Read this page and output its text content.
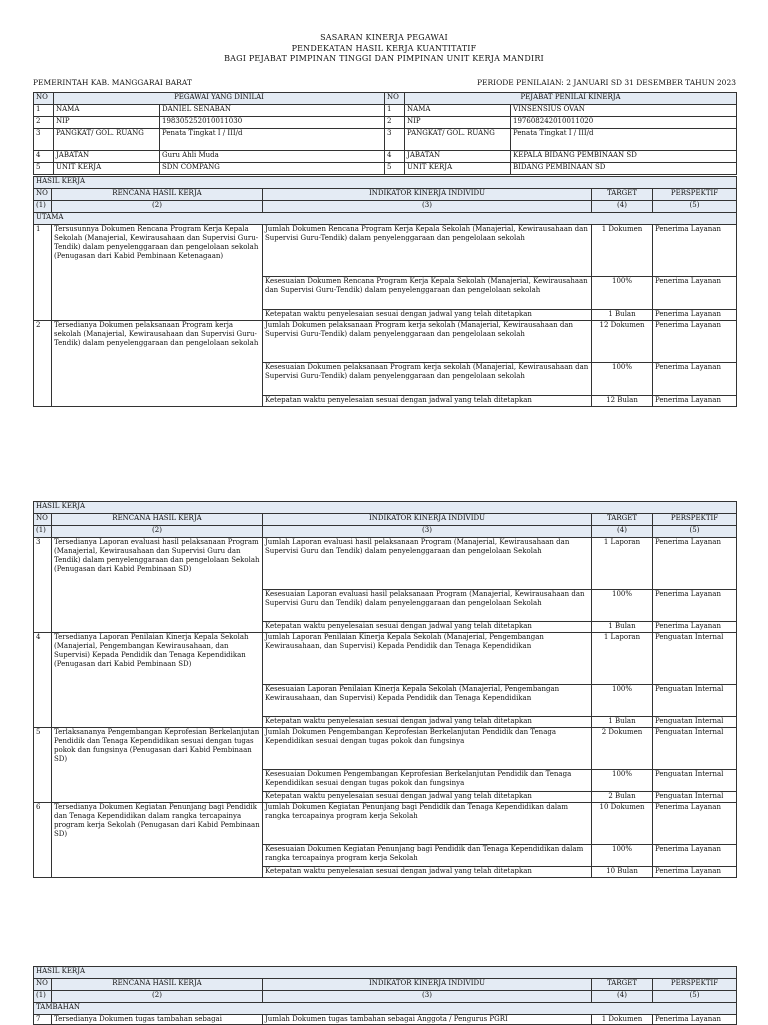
SASARAN KINERJA PEGAWAI
PENDEKATAN HASIL KERJA KUANTITATIF
BAGI PEJABAT PIMPINAN TINGGI DAN PIMPINAN UNIT KERJA MANDIRI
PEMERINTAH KAB. MANGGARAI BARAT	PERIODE PENILAIAN: 2 JANUARI SD 31 DESEMBER TAHUN 2023
NO	PEGAWAI YANG DINILAI		NO	PEJABAT PENILAI KINERJA	
1	NAMA	DANIEL SENABAN	1	NAMA	VINSENSIUS OVAN
2	NIP	198305252010011030	2	NIP	197608242010011020
3	PANGKAT/ GOL. RUANG	Penata Tingkat I / III/d	3	PANGKAT/ GOL. RUANG	Penata Tingkat I / III/d
4	JABATAN	Guru Ahli Muda	4	JABATAN	KEPALA BIDANG PEMBINAAN SD
5	UNIT KERJA	SDN COMPANG	5	UNIT KERJA	BIDANG PEMBINAAN SD
HASIL KERJA				
NO	RENCANA HASIL KERJA	INDIKATOR KINERJA INDIVIDU	TARGET	PERSPEKTIF
(1)	(2)	(3)	(4)	(5)
UTAMA				
1	Tersusunnya Dokumen Rencana Program Kerja Kepala Sekolah (Manajerial, Kewirausahaan dan Supervisi Guru-Tendik) dalam penyelenggaraan dan pengelolaan sekolah (Penugasan dari Kabid Pembinaan Ketenagaan)	Jumlah Dokumen Rencana Program Kerja Kepala Sekolah (Manajerial, Kewirausahaan dan Supervisi Guru-Tendik) dalam penyelenggaraan dan pengelolaan sekolah	1 Dokumen	Penerima Layanan
		Kesesuaian Dokumen Rencana Program Kerja Kepala Sekolah (Manajerial, Kewirausahaan dan Supervisi Guru-Tendik) dalam penyelenggaraan dan pengelolaan sekolah	100%	Penerima Layanan
		Ketepatan waktu penyelesaian sesuai dengan jadwal yang telah ditetapkan	1 Bulan	Penerima Layanan
2	Tersedianya Dokumen pelaksanaan Program kerja sekolah (Manajerial, Kewirausahaan dan Supervisi Guru-Tendik) dalam penyelenggaraan dan pengelolaan sekolah	Jumlah Dokumen pelaksanaan Program kerja sekolah (Manajerial, Kewirausahaan dan Supervisi Guru-Tendik) dalam penyelenggaraan dan pengelolaan sekolah	12 Dokumen	Penerima Layanan
		Kesesuaian Dokumen pelaksanaan Program kerja sekolah (Manajerial, Kewirausahaan dan Supervisi Guru-Tendik) dalam penyelenggaraan dan pengelolaan sekolah	100%	Penerima Layanan
		Ketepatan waktu penyelesaian sesuai dengan jadwal yang telah ditetapkan	12 Bulan	Penerima Layanan
HASIL KERJA				
NO	RENCANA HASIL KERJA	INDIKATOR KINERJA INDIVIDU	TARGET	PERSPEKTIF
(1)	(2)	(3)	(4)	(5)
3	Tersedianya Laporan evaluasi hasil pelaksanaan Program (Manajerial, Kewirausahaan dan Supervisi Guru dan Tendik) dalam penyelenggaraan dan pengelolaan Sekolah (Penugasan dari Kabid Pembinaan SD)	Jumlah Laporan evaluasi hasil pelaksanaan Program (Manajerial, Kewirausahaan dan Supervisi Guru dan Tendik) dalam penyelenggaraan dan pengelolaan Sekolah	1 Laporan	Penerima Layanan
		Kesesuaian Laporan evaluasi hasil pelaksanaan Program (Manajerial, Kewirausahaan dan Supervisi Guru dan Tendik) dalam penyelenggaraan dan pengelolaan Sekolah	100%	Penerima Layanan
		Ketepatan waktu penyelesaian sesuai dengan jadwal yang telah ditetapkan	1 Bulan	Penerima Layanan
4	Tersedianya Laporan Penilaian Kinerja Kepala Sekolah (Manajerial, Pengembangan Kewirausahaan, dan Supervisi) Kepada Pendidik dan Tenaga Kependidikan (Penugasan dari Kabid Pembinaan SD)	Jumlah Laporan Penilaian Kinerja Kepala Sekolah (Manajerial, Pengembangan Kewirausahaan, dan Supervisi) Kepada Pendidik dan Tenaga Kependidikan	1 Laporan	Penguatan Internal
		Kesesuaian Laporan Penilaian Kinerja Kepala Sekolah (Manajerial, Pengembangan Kewirausahaan, dan Supervisi) Kepada Pendidik dan Tenaga Kependidikan	100%	Penguatan Internal
		Ketepatan waktu penyelesaian sesuai dengan jadwal yang telah ditetapkan	1 Bulan	Penguatan Internal
5	Terlaksananya Pengembangan Keprofesian Berkelanjutan Pendidik dan Tenaga Kependidikan sesuai dengan tugas pokok dan fungsinya (Penugasan dari Kabid Pembinaan SD)	Jumlah Dokumen Pengembangan Keprofesian Berkelanjutan Pendidik dan Tenaga Kependidikan sesuai dengan tugas pokok dan fungsinya	2 Dokumen	Penguatan Internal
		Kesesuaian Dokumen Pengembangan Keprofesian Berkelanjutan Pendidik dan Tenaga Kependidikan sesuai dengan tugas pokok dan fungsinya	100%	Penguatan Internal
		Ketepatan waktu penyelesaian sesuai dengan jadwal yang telah ditetapkan	2 Bulan	Penguatan Internal
6	Tersedianya Dokumen Kegiatan Penunjang bagi Pendidik dan Tenaga Kependidikan dalam rangka tercapainya program kerja Sekolah (Penugasan dari Kabid Pembinaan SD)	Jumlah Dokumen Kegiatan Penunjang bagi Pendidik dan Tenaga Kependidikan dalam rangka tercapainya program kerja Sekolah	10 Dokumen	Penerima Layanan
		Kesesuaian Dokumen Kegiatan Penunjang bagi Pendidik dan Tenaga Kependidikan dalam rangka tercapainya program kerja Sekolah	100%	Penerima Layanan
		Ketepatan waktu penyelesaian sesuai dengan jadwal yang telah ditetapkan	10 Bulan	Penerima Layanan
HASIL KERJA				
NO	RENCANA HASIL KERJA	INDIKATOR KINERJA INDIVIDU	TARGET	PERSPEKTIF
(1)	(2)	(3)	(4)	(5)
TAMBAHAN				
7	Tersedianya Dokumen tugas tambahan sebagai	Jumlah Dokumen tugas tambahan sebagai Anggota / Pengurus PGRI	1 Dokumen	Penerima Layanan
